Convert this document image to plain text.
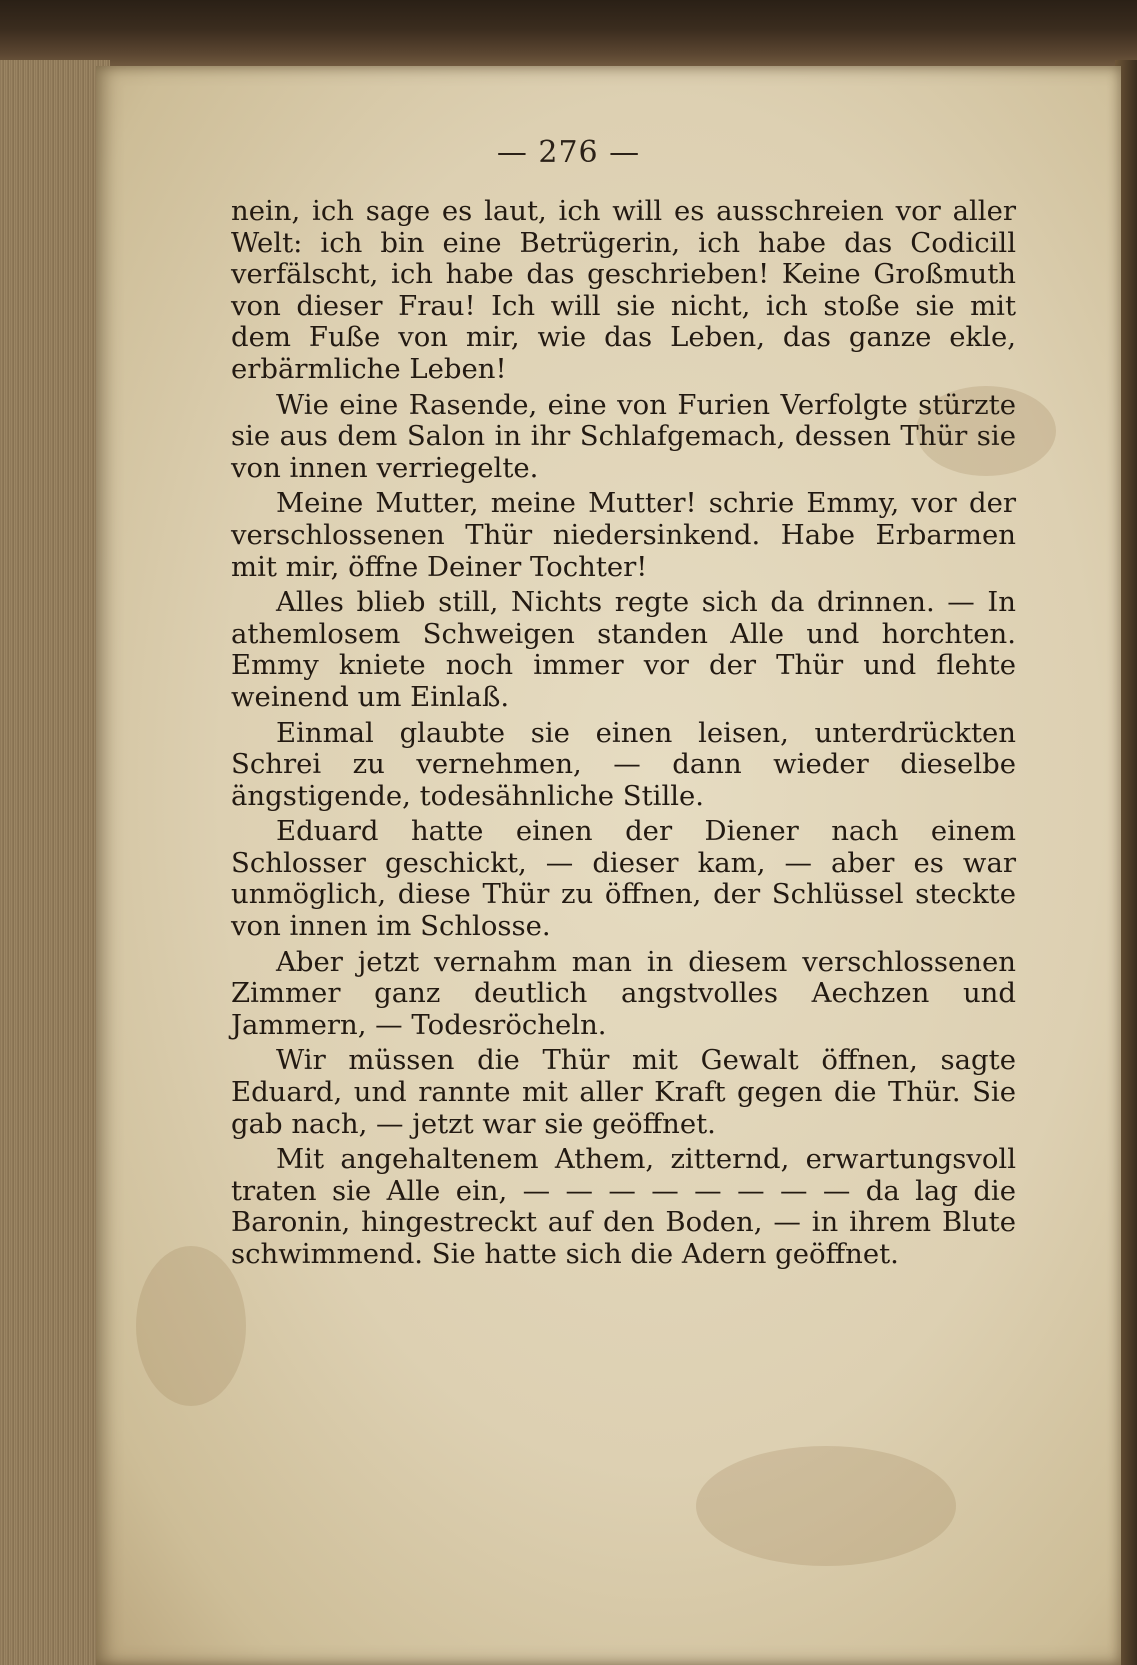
— 276 —

nein, ich sage es laut, ich will es ausschreien vor aller Welt: ich bin eine Betrügerin, ich habe das Codicill verfälscht, ich habe das geschrieben! Keine Großmuth von dieser Frau! Ich will sie nicht, ich stoße sie mit dem Fuße von mir, wie das Leben, das ganze ekle, erbärmliche Leben!

Wie eine Rasende, eine von Furien Verfolgte stürzte sie aus dem Salon in ihr Schlafgemach, dessen Thür sie von innen verriegelte.

Meine Mutter, meine Mutter! schrie Emmy, vor der verschlossenen Thür niedersinkend. Habe Erbarmen mit mir, öffne Deiner Tochter!

Alles blieb still, Nichts regte sich da drinnen. — In athemlosem Schweigen standen Alle und horchten. Emmy kniete noch immer vor der Thür und flehte weinend um Einlaß.

Einmal glaubte sie einen leisen, unterdrückten Schrei zu vernehmen, — dann wieder dieselbe ängstigende, todesähnliche Stille.

Eduard hatte einen der Diener nach einem Schlosser geschickt, — dieser kam, — aber es war unmöglich, diese Thür zu öffnen, der Schlüssel steckte von innen im Schlosse.

Aber jetzt vernahm man in diesem verschlossenen Zimmer ganz deutlich angstvolles Aechzen und Jammern, — Todesröcheln.

Wir müssen die Thür mit Gewalt öffnen, sagte Eduard, und rannte mit aller Kraft gegen die Thür. Sie gab nach, — jetzt war sie geöffnet.

Mit angehaltenem Athem, zitternd, erwartungsvoll traten sie Alle ein, — — — — — — — — da lag die Baronin, hingestreckt auf den Boden, — in ihrem Blute schwimmend. Sie hatte sich die Adern geöffnet.
